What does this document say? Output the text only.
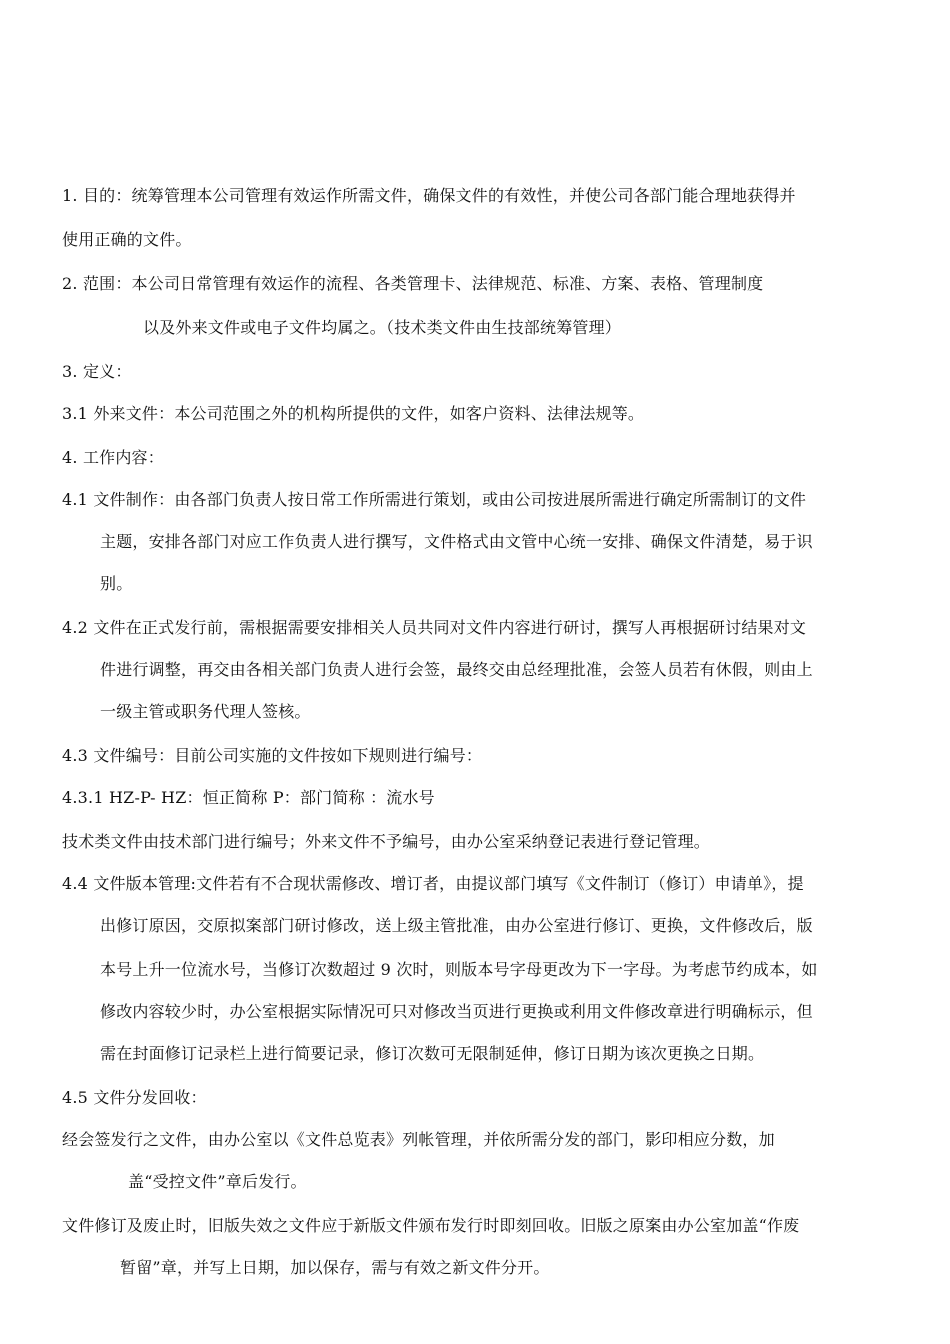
1. 目的：统筹管理本公司管理有效运作所需文件，确保文件的有效性，并使公司各部门能合理地获得并
使用正确的文件。
2. 范围：本公司日常管理有效运作的流程、各类管理卡、法律规范、标准、方案、表格、管理制度
以及外来文件或电子文件均属之。（技术类文件由生技部统筹管理）
3. 定义：
3.1 外来文件：本公司范围之外的机构所提供的文件，如客户资料、法律法规等。
4. 工作内容：
4.1 文件制作：由各部门负责人按日常工作所需进行策划，或由公司按进展所需进行确定所需制订的文件
主题，安排各部门对应工作负责人进行撰写，文件格式由文管中心统一安排、确保文件清楚，易于识
别。
4.2 文件在正式发行前，需根据需要安排相关人员共同对文件内容进行研讨，撰写人再根据研讨结果对文
件进行调整，再交由各相关部门负责人进行会签，最终交由总经理批准，会签人员若有休假，则由上
一级主管或职务代理人签核。
4.3 文件编号：目前公司实施的文件按如下规则进行编号：
4.3.1 HZ-P- HZ：恒正简称 P：部门简称 ：流水号
技术类文件由技术部门进行编号；外来文件不予编号，由办公室采纳登记表进行登记管理。
4.4 文件版本管理:文件若有不合现状需修改、增订者，由提议部门填写《文件制订（修订）申请单》，提
出修订原因，交原拟案部门研讨修改，送上级主管批准，由办公室进行修订、更换，文件修改后，版
本号上升一位流水号，当修订次数超过 9 次时，则版本号字母更改为下一字母。为考虑节约成本，如
修改内容较少时，办公室根据实际情况可只对修改当页进行更换或利用文件修改章进行明确标示，但
需在封面修订记录栏上进行简要记录，修订次数可无限制延伸，修订日期为该次更换之日期。
4.5 文件分发回收：
经会签发行之文件，由办公室以《文件总览表》列帐管理，并依所需分发的部门，影印相应分数，加
盖“受控文件”章后发行。
文件修订及废止时，旧版失效之文件应于新版文件颁布发行时即刻回收。旧版之原案由办公室加盖“作废
暂留”章，并写上日期，加以保存，需与有效之新文件分开。
